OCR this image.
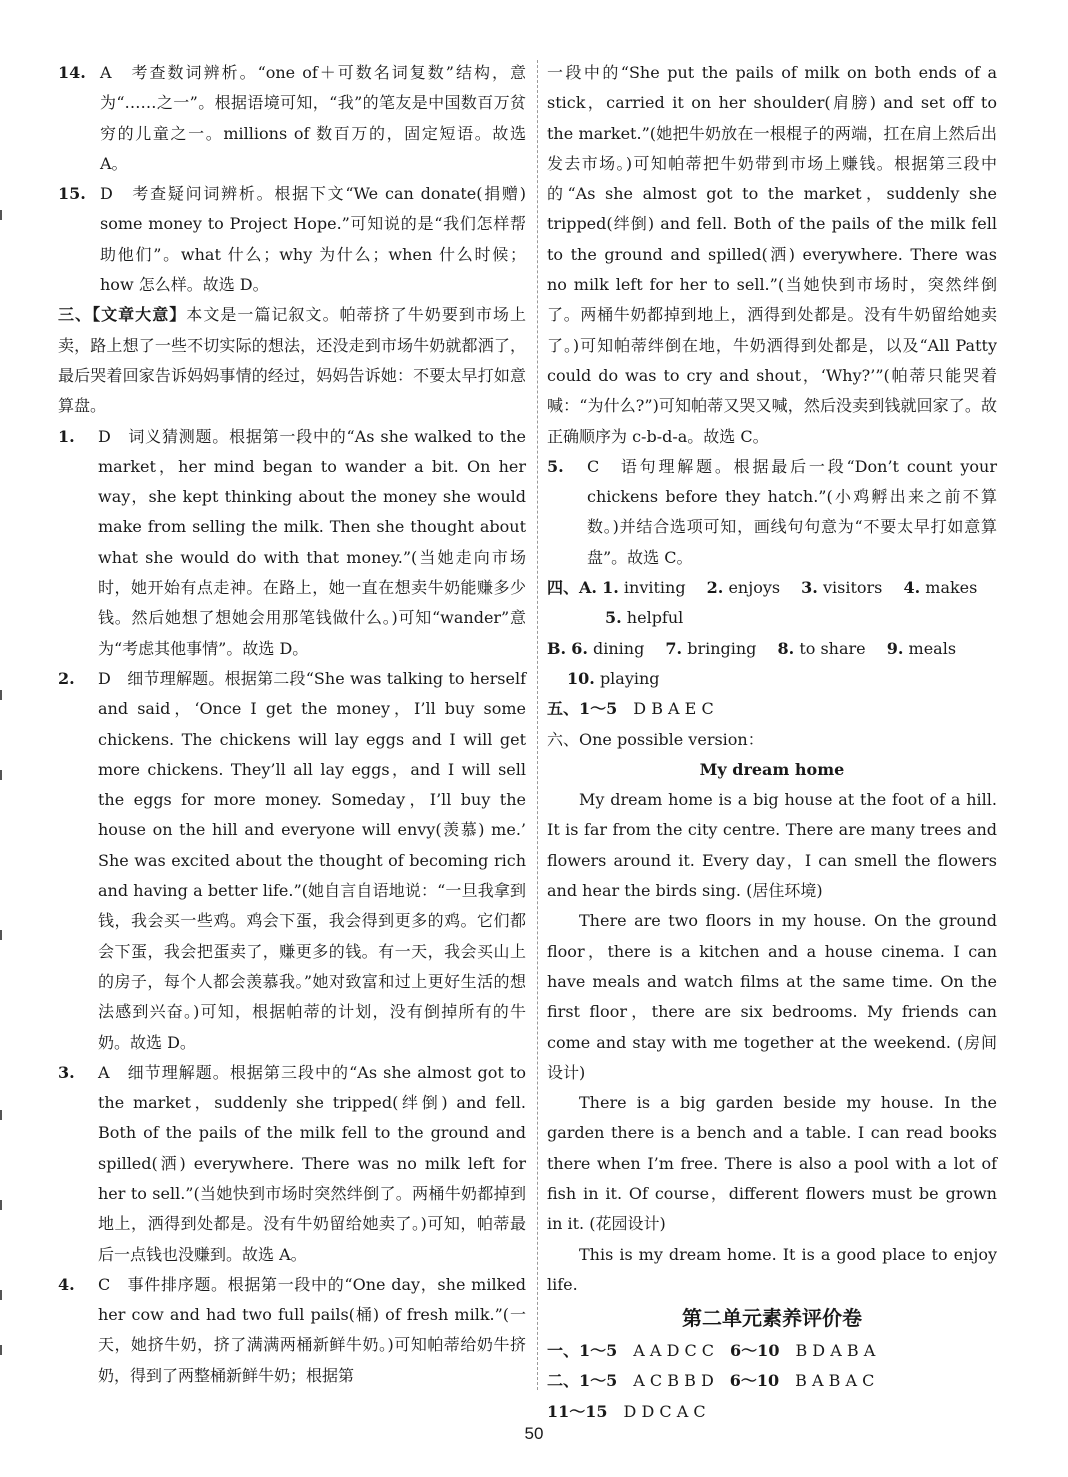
14. A　考查数词辨析。“one of＋可数名词复数”结构，意为“……之一”。根据语境可知，“我”的笔友是中国数百万贫穷的儿童之一。millions of 数百万的，固定短语。故选 A。
15. D　考查疑问词辨析。根据下文“We can donate(捐赠) some money to Project Hope.”可知说的是“我们怎样帮助他们”。what 什么；why 为什么；when 什么时候；how 怎么样。故选 D。
三、【文章大意】本文是一篇记叙文。帕蒂挤了牛奶要到市场上卖，路上想了一些不切实际的想法，还没走到市场牛奶就都洒了，最后哭着回家告诉妈妈事情的经过，妈妈告诉她：不要太早打如意算盘。
1. D　词义猜测题。根据第一段中的“As she walked to the market，her mind began to wander a bit. On her way，she kept thinking about the money she would make from selling the milk. Then she thought about what she would do with that money.”(当她走向市场时，她开始有点走神。在路上，她一直在想卖牛奶能赚多少钱。然后她想了想她会用那笔钱做什么。)可知“wander”意为“考虑其他事情”。故选 D。
2. D　细节理解题。根据第二段“She was talking to herself and said，‘Once I get the money，I’ll buy some chickens. The chickens will lay eggs and I will get more chickens. They’ll all lay eggs，and I will sell the eggs for more money. Someday，I’ll buy the house on the hill and everyone will envy(羡慕) me.’ She was excited about the thought of becoming rich and having a better life.”(她自言自语地说：“一旦我拿到钱，我会买一些鸡。鸡会下蛋，我会得到更多的鸡。它们都会下蛋，我会把蛋卖了，赚更多的钱。有一天，我会买山上的房子，每个人都会羡慕我。”她对致富和过上更好生活的想法感到兴奋。)可知，根据帕蒂的计划，没有倒掉所有的牛奶。故选 D。
3. A　细节理解题。根据第三段中的“As she almost got to the market，suddenly she tripped(绊倒) and fell. Both of the pails of the milk fell to the ground and spilled(洒) everywhere. There was no milk left for her to sell.”(当她快到市场时突然绊倒了。两桶牛奶都掉到地上，洒得到处都是。没有牛奶留给她卖了。)可知，帕蒂最后一点钱也没赚到。故选 A。
4. C　事件排序题。根据第一段中的“One day，she milked her cow and had two full pails(桶) of fresh milk.”(一天，她挤牛奶，挤了满满两桶新鲜牛奶。)可知帕蒂给奶牛挤奶，得到了两整桶新鲜牛奶；根据第
一段中的“She put the pails of milk on both ends of a stick，carried it on her shoulder(肩膀) and set off to the market.”(她把牛奶放在一根棍子的两端，扛在肩上然后出发去市场。)可知帕蒂把牛奶带到市场上赚钱。根据第三段中的“As she almost got to the market，suddenly she tripped(绊倒) and fell. Both of the pails of the milk fell to the ground and spilled(洒) everywhere. There was no milk left for her to sell.”(当她快到市场时，突然绊倒了。两桶牛奶都掉到地上，洒得到处都是。没有牛奶留给她卖了。)可知帕蒂绊倒在地，牛奶洒得到处都是，以及“All Patty could do was to cry and shout，‘Why?’”(帕蒂只能哭着喊：“为什么?”)可知帕蒂又哭又喊，然后没卖到钱就回家了。故正确顺序为 c-b-d-a。故选 C。
5. C　语句理解题。根据最后一段“Don’t count your chickens before they hatch.”(小鸡孵出来之前不算数。)并结合选项可知，画线句句意为“不要太早打如意算盘”。故选 C。
四、A. 1. inviting 2. enjoys 3. visitors 4. makes
5. helpful
B. 6. dining 7. bringing 8. to share 9. meals
10. playing
五、1～5 D B A E C
六、One possible version：
My dream home
My dream home is a big house at the foot of a hill. It is far from the city centre. There are many trees and flowers around it. Every day，I can smell the flowers and hear the birds sing. (居住环境)
There are two floors in my house. On the ground floor，there is a kitchen and a house cinema. I can have meals and watch films at the same time. On the first floor，there are six bedrooms. My friends can come and stay with me together at the weekend. (房间设计)
There is a big garden beside my house. In the garden there is a bench and a table. I can read books there when I’m free. There is also a pool with a lot of fish in it. Of course，different flowers must be grown in it. (花园设计)
This is my dream home. It is a good place to enjoy life.
第二单元素养评价卷
一、1～5 A A D C C 6～10 B D A B A
二、1～5 A C B B D 6～10 B A B A C
11～15 D D C A C
50
